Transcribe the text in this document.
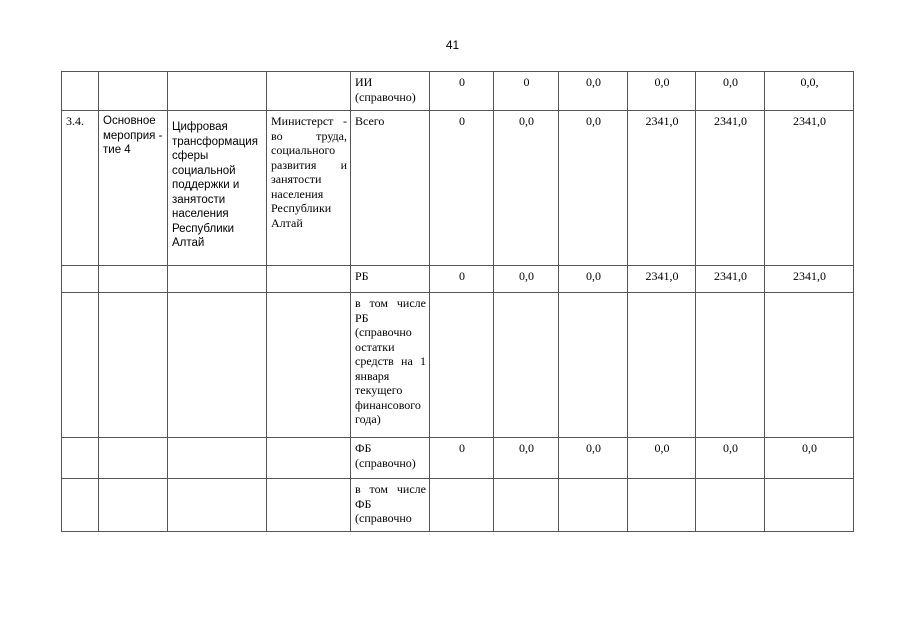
41
				ИИ (справочно)	0	0	0,0	0,0	0,0	0,0,
3.4.	Основное мероприя - тие 4	Цифровая трансформация сферы социальной поддержки и занятости населения Республики Алтай	Министерст - во труда, социального развития и занятости населения Республики Алтай	Всего	0	0,0	0,0	2341,0	2341,0	2341,0
				РБ	0	0,0	0,0	2341,0	2341,0	2341,0
				в том числе РБ (справочно остатки средств на 1 января текущего финансового года)						
				ФБ (справочно)	0	0,0	0,0	0,0	0,0	0,0
				в том числе ФБ (справочно						
